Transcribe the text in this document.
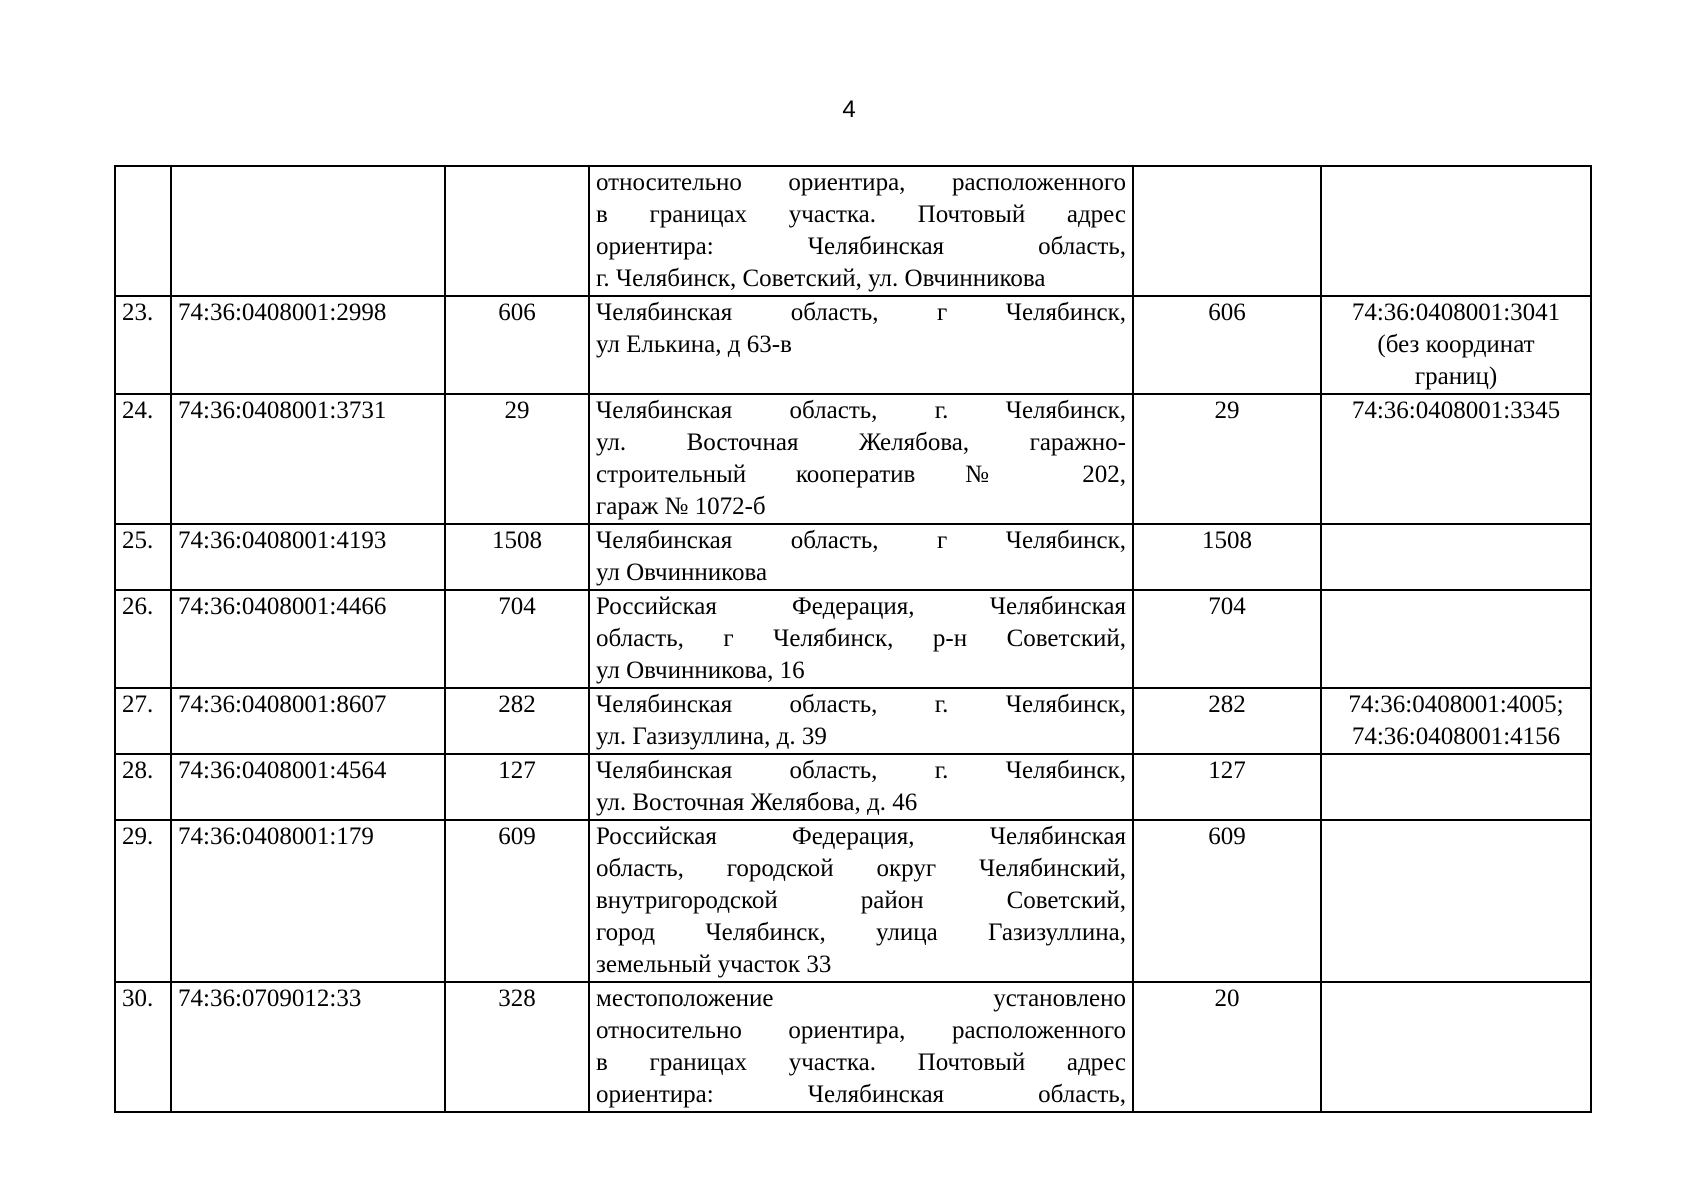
4

			относительно ориентира, расположенного
в границах участка. Почтовый адрес
ориентира: Челябинская область,
г. Челябинск, Советский, ул. Овчинникова		

23.	74:36:0408001:2998	606	Челябинская область, г Челябинск,
ул Елькина, д 63-в	606	74:36:0408001:3041
(без координат
границ)

24.	74:36:0408001:3731	29	Челябинская область, г. Челябинск,
ул. Восточная Желябова, гаражно-
строительный кооператив № 202,
гараж № 1072-б	29	74:36:0408001:3345

25.	74:36:0408001:4193	1508	Челябинская область, г Челябинск,
ул Овчинникова	1508	
26.	74:36:0408001:4466	704	Российская Федерация, Челябинская
область, г Челябинск, р-н Советский,
ул Овчинникова, 16	704	
27.	74:36:0408001:8607	282	Челябинская область, г. Челябинск,
ул. Газизуллина, д. 39	282	74:36:0408001:4005;
74:36:0408001:4156

28.	74:36:0408001:4564	127	Челябинская область, г. Челябинск,
ул. Восточная Желябова, д. 46	127	
29.	74:36:0408001:179	609	Российская Федерация, Челябинская
область, городской округ Челябинский,
внутригородской район Советский,
город Челябинск, улица Газизуллина,
земельный участок 33	609	
30.	74:36:0709012:33	328	местоположение установлено
относительно ориентира, расположенного
в границах участка. Почтовый адрес
ориентира: Челябинская область,	20	
